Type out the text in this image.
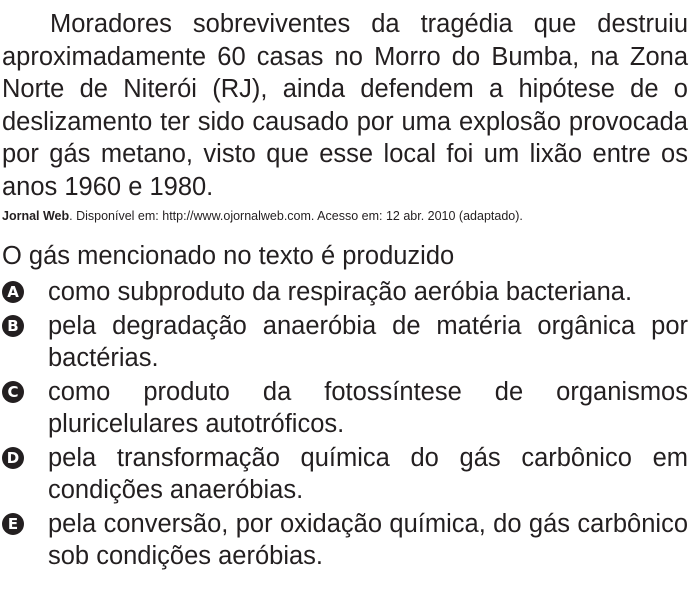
Moradores sobreviventes da tragédia que destruiu aproximadamente 60 casas no Morro do Bumba, na Zona Norte de Niterói (RJ), ainda defendem a hipótese de o deslizamento ter sido causado por uma explosão provocada por gás metano, visto que esse local foi um lixão entre os anos 1960 e 1980.

Jornal Web. Disponível em: http://www.ojornalweb.com. Acesso em: 12 abr. 2010 (adaptado).

O gás mencionado no texto é produzido

A como subproduto da respiração aeróbia bacteriana.
B pela degradação anaeróbia de matéria orgânica por bactérias.
C como produto da fotossíntese de organismos pluricelulares autotróficos.
D pela transformação química do gás carbônico em condições anaeróbias.
E pela conversão, por oxidação química, do gás carbônico sob condições aeróbias.
